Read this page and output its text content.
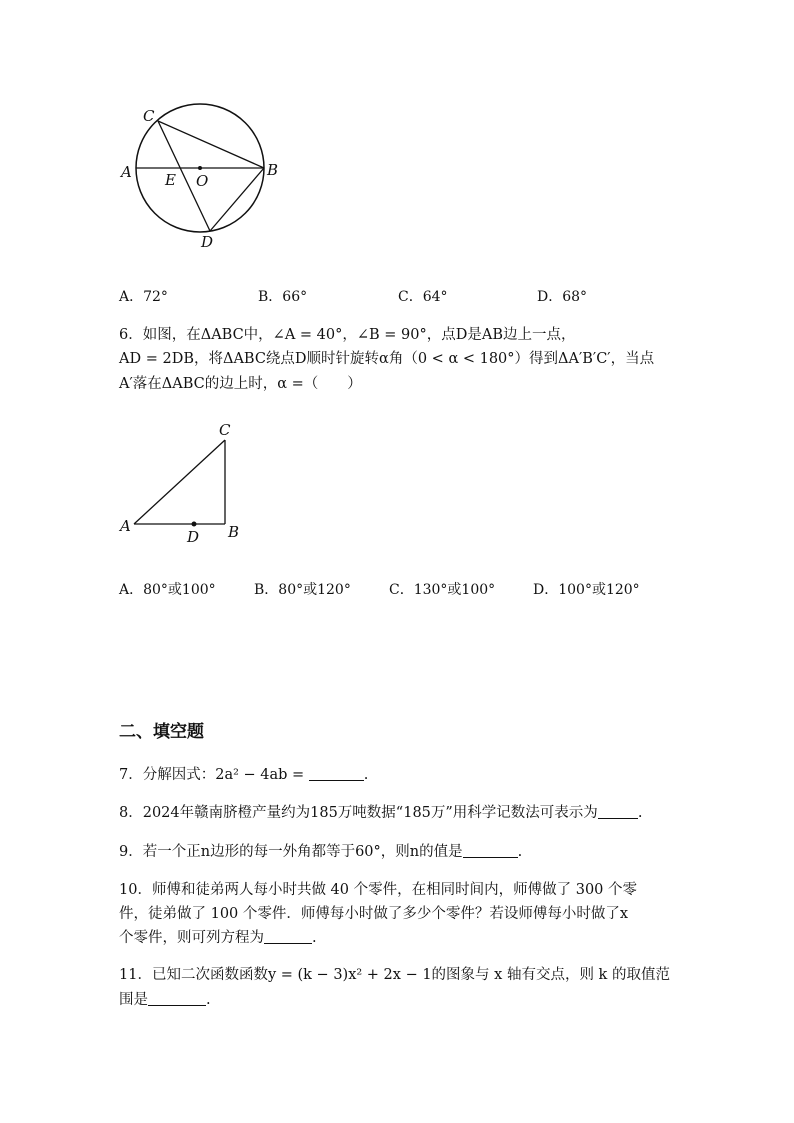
C
A E O
B
D
A．72°	B．66°	C．64°	D．68°
6．如图，在ΔABC中，∠A = 40°，∠B = 90°，点D是AB边上一点，
AD = 2DB，将ΔABC绕点D顺时针旋转α角（0 < α < 180°）得到ΔA′B′C′，当点
A′落在ΔABC的边上时，α =（　　）
C
A
D B
A．80°或100°	B．80°或120°	C．130°或100°	D．100°或120°
二、填空题
7．分解因式：2a² − 4ab =	.
8．2024年赣南脐橙产量约为185万吨数据“185万”用科学记数法可表示为	.
9．若一个正n边形的每一外角都等于60°，则n的值是	.
10．师傅和徒弟两人每小时共做 40 个零件，在相同时间内，师傅做了 300 个零
件，徒弟做了 100 个零件．师傅每小时做了多少个零件？若设师傅每小时做了x
个零件，则可列方程为	.
11．已知二次函数函数y = (k − 3)x² + 2x − 1的图象与 x 轴有交点，则 k 的取值范
围是	.
